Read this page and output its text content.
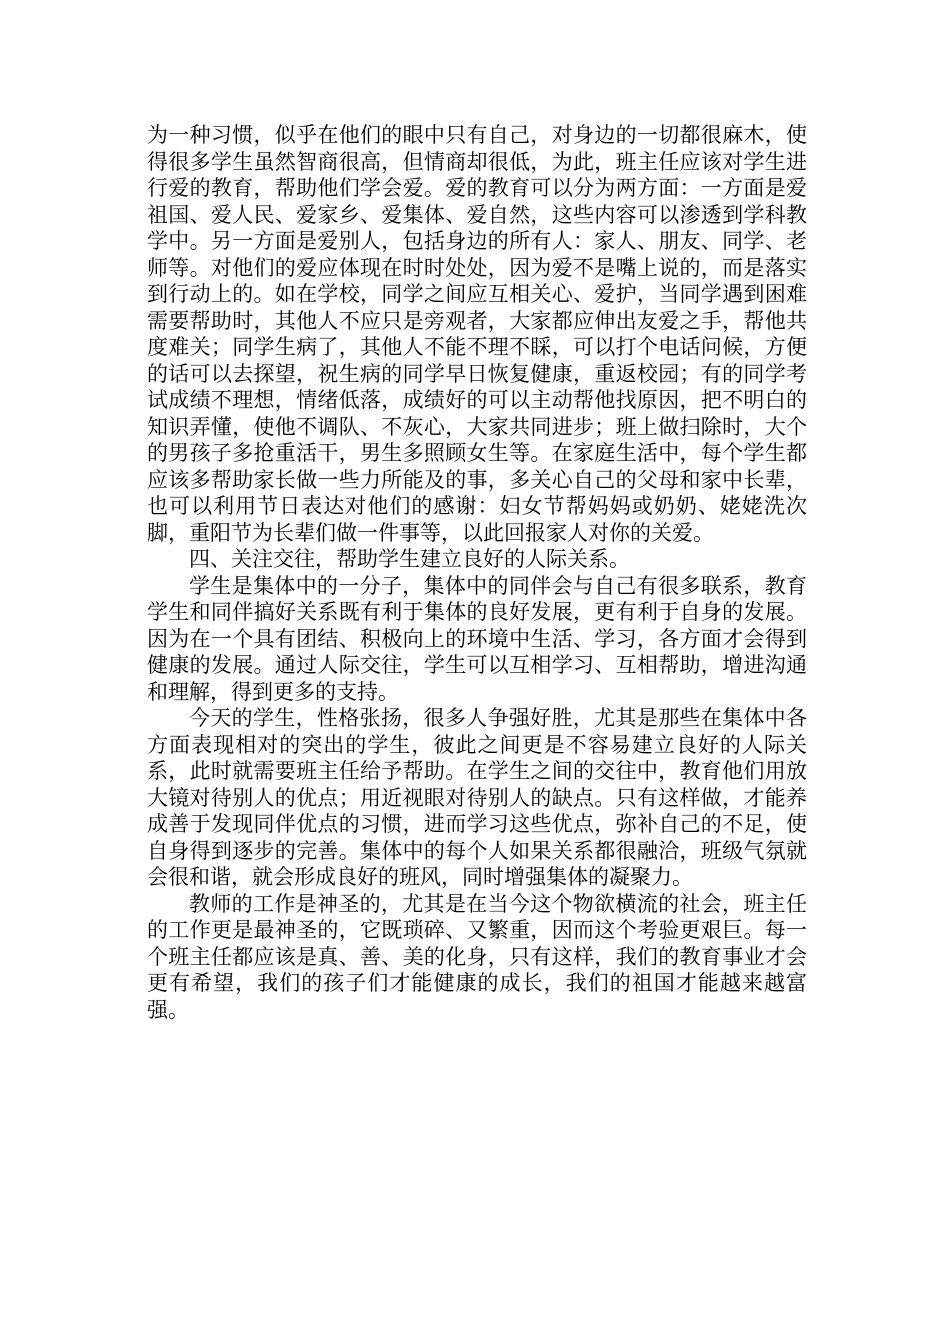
为一种习惯，似乎在他们的眼中只有自己，对身边的一切都很麻木，使得很多学生虽然智商很高，但情商却很低，为此，班主任应该对学生进行爱的教育，帮助他们学会爱。爱的教育可以分为两方面：一方面是爱祖国、爱人民、爱家乡、爱集体、爱自然，这些内容可以渗透到学科教学中。另一方面是爱别人，包括身边的所有人：家人、朋友、同学、老师等。对他们的爱应体现在时时处处，因为爱不是嘴上说的，而是落实到行动上的。如在学校，同学之间应互相关心、爱护，当同学遇到困难需要帮助时，其他人不应只是旁观者，大家都应伸出友爱之手，帮他共度难关；同学生病了，其他人不能不理不睬，可以打个电话问候，方便的话可以去探望，祝生病的同学早日恢复健康，重返校园；有的同学考试成绩不理想，情绪低落，成绩好的可以主动帮他找原因，把不明白的知识弄懂，使他不调队、不灰心，大家共同进步；班上做扫除时，大个的男孩子多抢重活干，男生多照顾女生等。在家庭生活中，每个学生都应该多帮助家长做一些力所能及的事，多关心自己的父母和家中长辈，也可以利用节日表达对他们的感谢：妇女节帮妈妈或奶奶、姥姥洗次脚，重阳节为长辈们做一件事等，以此回报家人对你的关爱。

四、关注交往，帮助学生建立良好的人际关系。

学生是集体中的一分子，集体中的同伴会与自己有很多联系，教育学生和同伴搞好关系既有利于集体的良好发展，更有利于自身的发展。因为在一个具有团结、积极向上的环境中生活、学习，各方面才会得到健康的发展。通过人际交往，学生可以互相学习、互相帮助，增进沟通和理解，得到更多的支持。

今天的学生，性格张扬，很多人争强好胜，尤其是那些在集体中各方面表现相对的突出的学生，彼此之间更是不容易建立良好的人际关系，此时就需要班主任给予帮助。在学生之间的交往中，教育他们用放大镜对待别人的优点；用近视眼对待别人的缺点。只有这样做，才能养成善于发现同伴优点的习惯，进而学习这些优点，弥补自己的不足，使自身得到逐步的完善。集体中的每个人如果关系都很融洽，班级气氛就会很和谐，就会形成良好的班风，同时增强集体的凝聚力。

教师的工作是神圣的，尤其是在当今这个物欲横流的社会，班主任的工作更是最神圣的，它既琐碎、又繁重，因而这个考验更艰巨。每一个班主任都应该是真、善、美的化身，只有这样，我们的教育事业才会更有希望，我们的孩子们才能健康的成长，我们的祖国才能越来越富强。
